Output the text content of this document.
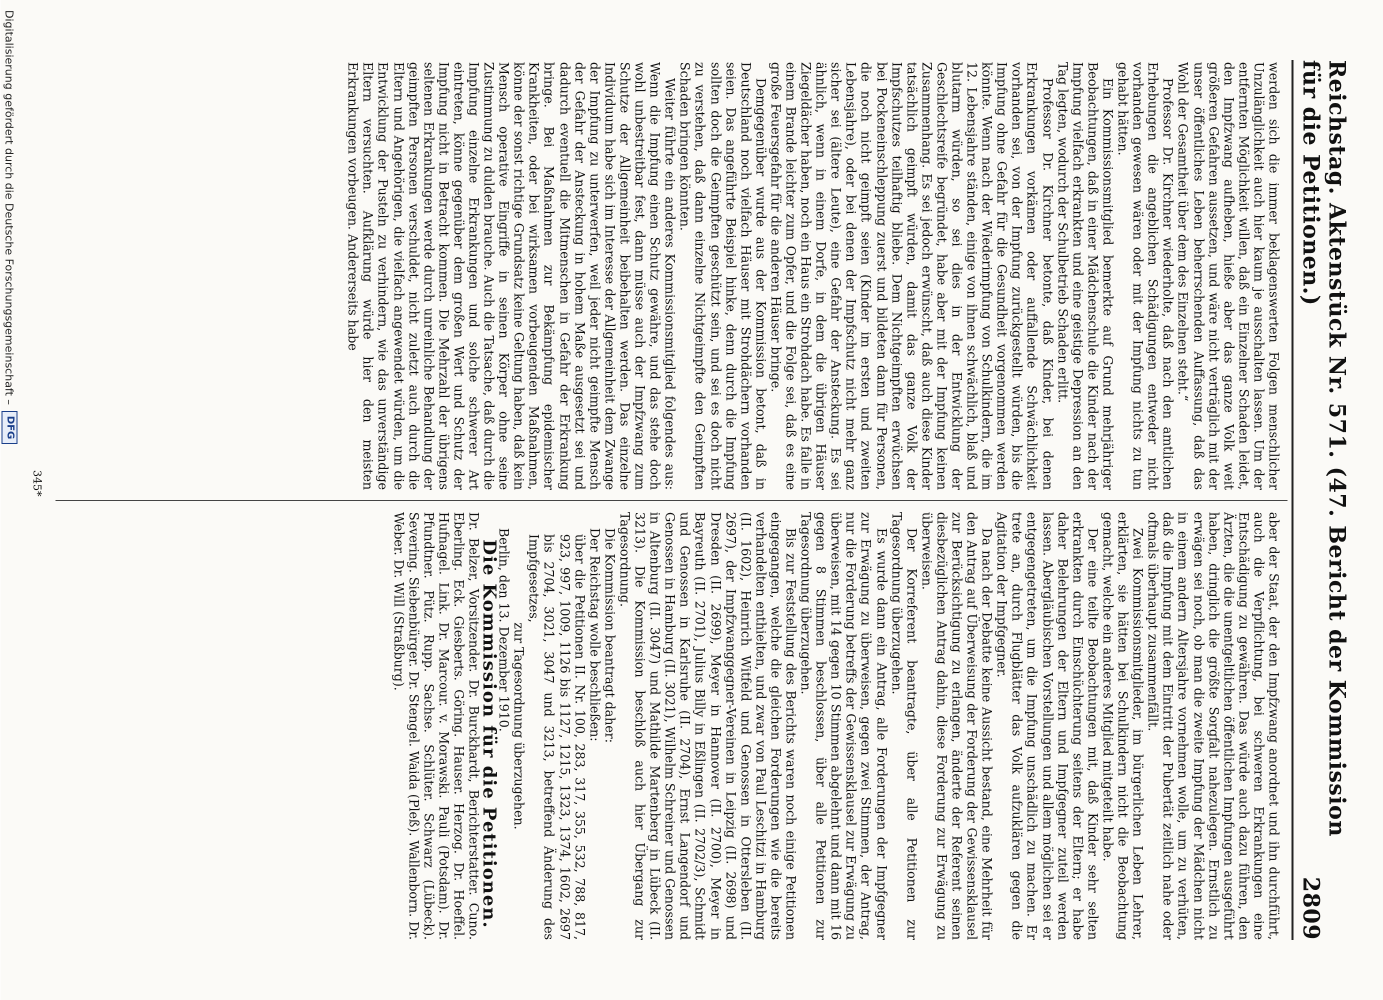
Reichstag. Aktenstück Nr. 571. (47. Bericht der Kommission für die Petitionen.)
2809

werden sich die immer beklagenswerten Folgen menschlicher Unzulänglichkeit auch hier kaum je ausschalten lassen. Um der entfernten Möglichkeit willen, daß ein Einzelner Schaden leidet, den Impfzwang aufheben, hieße aber das ganze Volk weit größeren Gefahren aussetzen, und wäre nicht verträglich mit der unser öffentliches Leben beherrschenden Auffassung, daß das Wohl der Gesamtheit über dem des Einzelnen steht.“

Professor Dr. Kirchner wiederholte, daß nach den amtlichen Erhebungen die angeblichen Schädigungen entweder nicht vorhanden gewesen wären oder mit der Impfung nichts zu tun gehabt hätten.

Ein Kommissionsmitglied bemerkte auf Grund mehrjähriger Beobachtungen, daß in einer Mädchenschule die Kinder nach der Impfung vielfach erkrankten und eine geistige Depression an den Tag legten, wodurch der Schulbetrieb Schaden erlitt.

Professor Dr. Kirchner betonte, daß Kinder, bei denen Erkrankungen vorkämen oder auffallende Schwächlichkeit vorhanden sei, von der Impfung zurückgestellt würden, bis die Impfung ohne Gefahr für die Gesundheit vorgenommen werden könnte. Wenn nach der Wiederimpfung von Schulkindern, die im 12. Lebensjahre ständen, einige von ihnen schwächlich, blaß und blutarm würden, so sei dies in der Entwicklung der Geschlechtsreife begründet, habe aber mit der Impfung keinen Zusammenhang. Es sei jedoch erwünscht, daß auch diese Kinder tatsächlich geimpft würden, damit das ganze Volk der Impfschutzes teilhaftig bliebe. Dem Nichtgeimpften erwüchsen bei Pockeneinschleppung zuerst und bildeten dann für Personen, die noch nicht geimpft seien (Kinder im ersten und zweiten Lebensjahre), oder bei denen der Impfschutz nicht mehr ganz sicher sei (ältere Leute), eine Gefahr der Ansteckung. Es sei ähnlich, wenn in einem Dorfe, in dem die übrigen Häuser Ziegeldächer haben, noch ein Haus ein Strohdach habe. Es falle in einem Brande leichter zum Opfer, und die Folge sei, daß es eine große Feuersgefahr für die anderen Häuser bringe.

Demgegenüber wurde aus der Kommission betont, daß in Deutschland noch vielfach Häuser mit Strohdächern vorhanden seien. Das angeführte Beispiel hinke, denn durch die Impfung sollten doch die Geimpften geschützt sein, und sei es doch nicht zu verstehen, daß dann einzelne Nichtgeimpfte den Geimpften Schaden bringen könnten.

Weiter führte ein anderes Kommissionsmitglied folgendes aus: Wenn die Impfung einen Schutz gewähre, und das stehe doch wohl unbestreitbar fest, dann müsse auch der Impfzwang zum Schutze der Allgemeinheit beibehalten werden. Das einzelne Individuum habe sich im Interesse der Allgemeinheit dem Zwange der Impfung zu unterwerfen, weil jeder nicht geimpfte Mensch der Gefahr der Ansteckung in hohem Maße ausgesetzt sei und dadurch eventuell die Mitmenschen in Gefahr der Erkrankung bringe. Bei Maßnahmen zur Bekämpfung epidemischer Krankheiten, oder bei wirksamen vorbeugenden Maßnahmen, könne der sonst richtige Grundsatz keine Geltung haben, daß kein Mensch operative Eingriffe in seinen Körper ohne seine Zustimmung zu dulden brauche. Auch die Tatsache, daß durch die Impfung einzelne Erkrankungen und solche schwerer Art eintreten, könne gegenüber dem großen Wert und Schutz der Impfung nicht in Betracht kommen. Die Mehrzahl der übrigens seltenen Erkrankungen werde durch unreinliche Behandlung der geimpften Personen verschuldet, nicht zuletzt auch durch die Eltern und Angehörigen, die vielfach angewendet würden, um die Entwicklung der Pusteln zu verhindern, wie das unverständige Eltern versuchten. Aufklärung würde hier den meisten Erkrankungen vorbeugen. Andererseits habe

aber der Staat, der den Impfzwang anordnet und ihn durchführt, auch die Verpflichtung, bei schweren Erkrankungen eine Entschädigung zu gewähren. Das würde auch dazu führen, den Ärzten, die die unentgeltlichen öffentlichen Impfungen ausgeführt haben, dringlich die größte Sorgfalt nahezulegen. Ernstlich zu erwägen sei noch, ob man die zweite Impfung der Mädchen nicht in einem andern Altersjahre vornehmen wolle, um zu verhüten, daß die Impfung mit dem Eintritt der Pubertät zeitlich nahe oder oftmals überhaupt zusammenfällt.

Zwei Kommissionsmitglieder, im bürgerlichen Leben Lehrer, erklärten, sie hätten bei Schulkindern nicht die Beobachtung gemacht, welche ein anderes Mitglied mitgeteilt habe.

Der eine teilte Beobachtungen mit, daß Kinder sehr selten erkrankten durch Einschüchterung seitens der Eltern; er habe daher Belehrungen der Eltern und Impfgegner zuteil werden lassen. Abergläubischen Vorstellungen und allem möglichen sei er entgegengetreten, um die Impfung unschädlich zu machen. Er trete an, durch Flugblätter das Volk aufzuklären gegen die Agitation der Impfgegner.

Da nach der Debatte keine Aussicht bestand, eine Mehrheit für den Antrag auf Überweisung der Forderung der Gewissensklausel zur Berücksichtigung zu erlangen, änderte der Referent seinen diesbezüglichen Antrag dahin, diese Forderung zur Erwägung zu überweisen.

Der Korreferent beantragte, über alle Petitionen zur Tagesordnung überzugehen.

Es wurde dann ein Antrag, alle Forderungen der Impfgegner zur Erwägung zu überweisen, gegen zwei Stimmen, der Antrag, nur die Forderung betreffs der Gewissensklausel zur Erwägung zu überweisen, mit 14 gegen 10 Stimmen abgelehnt und dann mit 16 gegen 8 Stimmen beschlossen, über alle Petitionen zur Tagesordnung überzugehen.

Bis zur Feststellung des Berichts waren noch einige Petitionen eingegangen, welche die gleichen Forderungen wie die bereits verhandelten enthielten, und zwar von Paul Leschitzi in Hamburg (II. 1602), Heinrich Witfeld und Genossen in Ottersleben (II. 2697), der Impfzwanggegner-Vereinen in Leipzig (II. 2698) und Dresden (II. 2699), Meyer in Hannover (II. 2700), Meyer in Bayreuth (II. 2701), Julius Billy in Eßlingen (II. 2702/3), Schmidt und Genossen in Karlsruhe (II. 2704), Ernst Langendorf und Genossen in Hamburg (II. 3021), Wilhelm Schreiner und Genossen in Altenburg (II. 3047) und Mathilde Martenberg in Lübeck (II. 3213). Die Kommission beschloß auch hier Übergang zur Tagesordnung.

Die Kommission beantragt daher:

Der Reichstag wolle beschließen:

über die Petitionen II. Nr. 100, 283, 317, 355, 532, 788, 817, 923, 997, 1009, 1126 bis 1127, 1215, 1323, 1374, 1602, 2697 bis 2704, 3021, 3047 und 3213, betreffend Änderung des Impfgesetzes,

zur Tagesordnung überzugehen.

Berlin, den 13. Dezember 1910.

Die Kommission für die Petitionen.

Dr. Belzer, Vorsitzender. Dr. Burckhardt, Berichterstatter. Cuno. Eberling. Eck. Giesberts. Göring. Hauser. Herzog. Dr. Hoeffel. Hufnagel. Link. Dr. Marcour. v. Morawski. Pauli (Potsdam). Dr. Pfundtner. Pütz. Rupp. Sachse. Schlüter. Schwarz (Lübeck). Severing. Siebenbürger. Dr. Stengel. Waida (Pleß). Wallenborn. Dr. Weber. Dr. Will (Straßburg).

345*
Digitalisierung gefördert durch die Deutsche Forschungsgemeinschaft –
DFG
